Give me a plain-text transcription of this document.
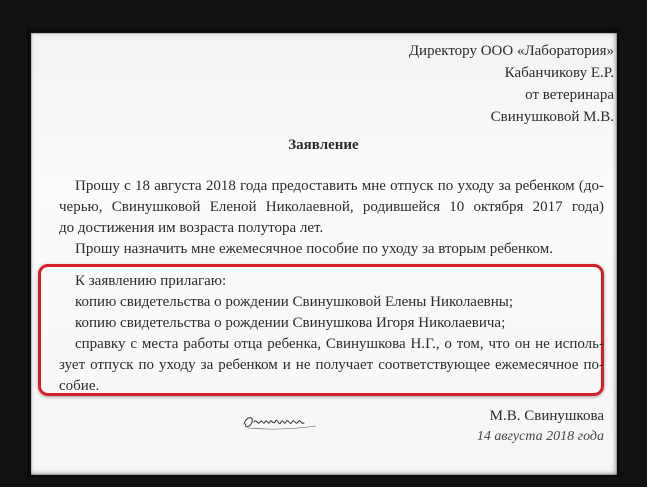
Директору ООО «Лаборатория»
Кабанчикову Е.Р.
от ветеринара
Свинушковой М.В.
Заявление

Прошу с 18 августа 2018 года предоставить мне отпуск по уходу за ребенком (до-

черью, Свинушковой Еленой Николаевной, родившейся 10 октября 2017 года)

до достижения им возраста полутора лет.

Прошу назначить мне ежемесячное пособие по уходу за вторым ребенком.

К заявлению прилагаю:

копию свидетельства о рождении Свинушковой Елены Николаевны;

копию свидетельства о рождении Свинушкова Игоря Николаевича;

справку с места работы отца ребенка, Свинушкова Н.Г., о том, что он не исполь-

зует отпуск по уходу за ребенком и не получает соответствующее ежемесячное по-

собие.

М.В. Свинушкова
14 августа 2018 года
